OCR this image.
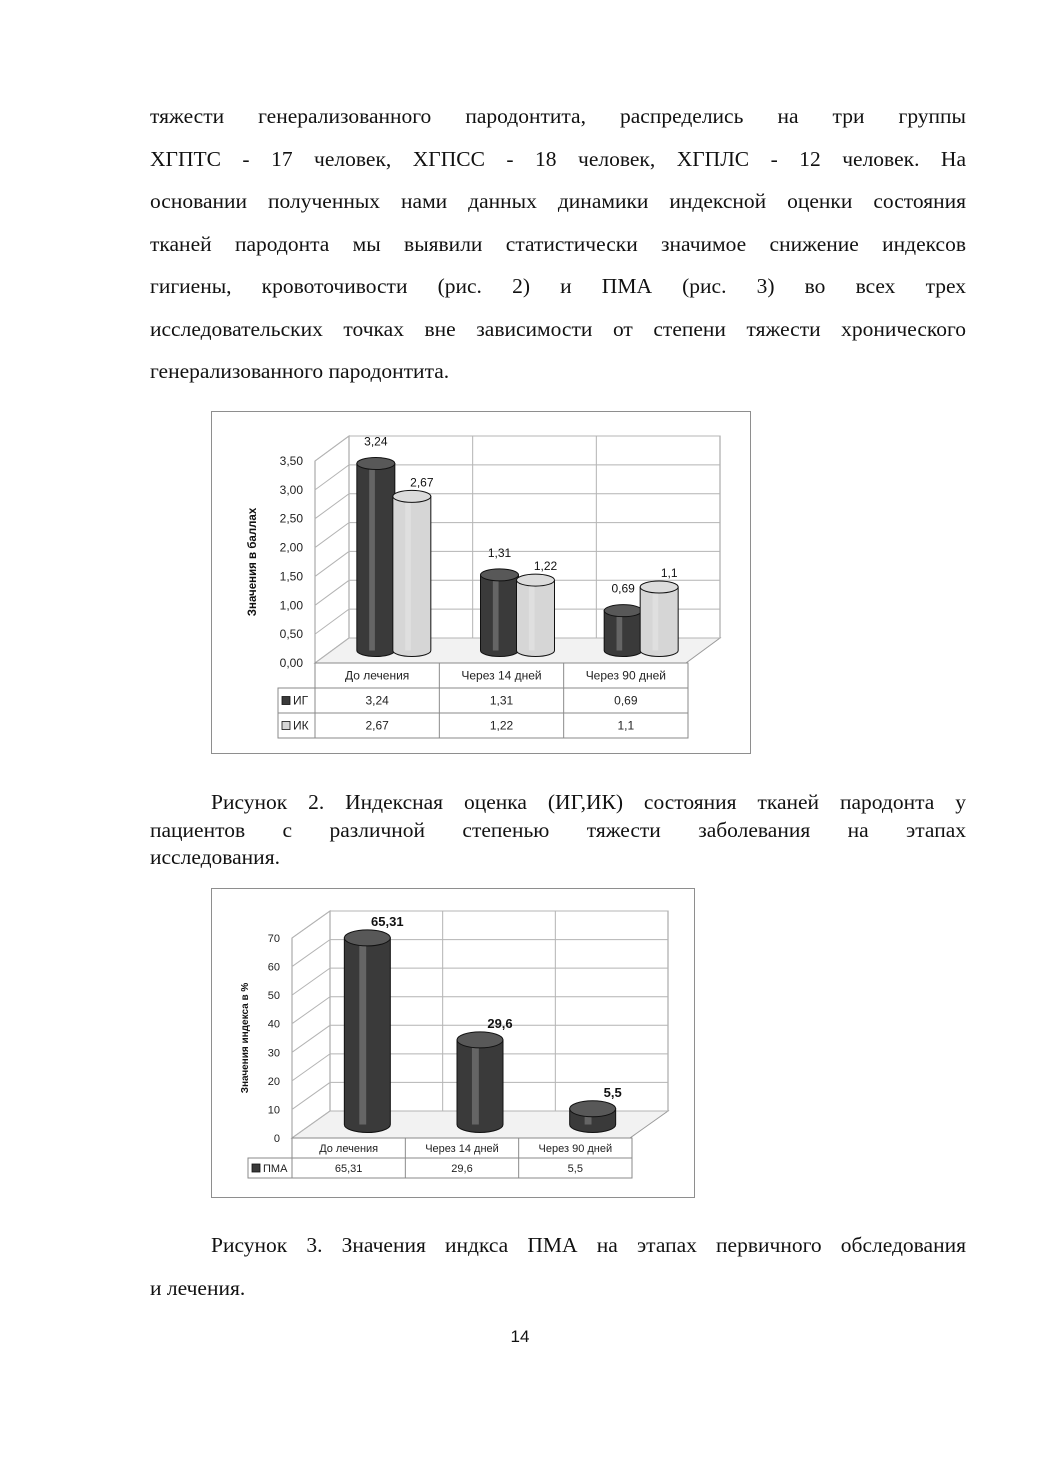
тяжести генерализованного пародонтита, распределись на три группы
ХГПТС - 17 человек, ХГПСС - 18 человек, ХГПЛС - 12 человек. На
основании полученных нами данных динамики индексной оценки состояния
тканей пародонта мы выявили статистически значимое снижение индексов
гигиены, кровоточивости (рис. 2) и ПМА (рис. 3) во всех трех
исследовательских точках вне зависимости от степени тяжести хронического
генерализованного пародонтита.
0,00
0,50
1,00
1,50
2,00
2,50
3,00
3,50
Значения в баллах
3,24
2,67
1,31
1,22
0,69
1,1
До лечения	Через 14 дней	Через 90 дней
ИГ	3,24	1,31	0,69
ИК	2,67	1,22	1,1
Рисунок 2. Индексная оценка (ИГ,ИК) состояния тканей пародонта у
пациентов с различной степенью тяжести заболевания на этапах
исследования.
0
10
20
30
40
50
60
70
Значения индекса в %
65,31
29,6
5,5
До лечения	Через 14 дней	Через 90 дней
ПМА	65,31	29,6	5,5
Рисунок 3. Значения индкса ПМА на этапах первичного обследования
и лечения.
14
